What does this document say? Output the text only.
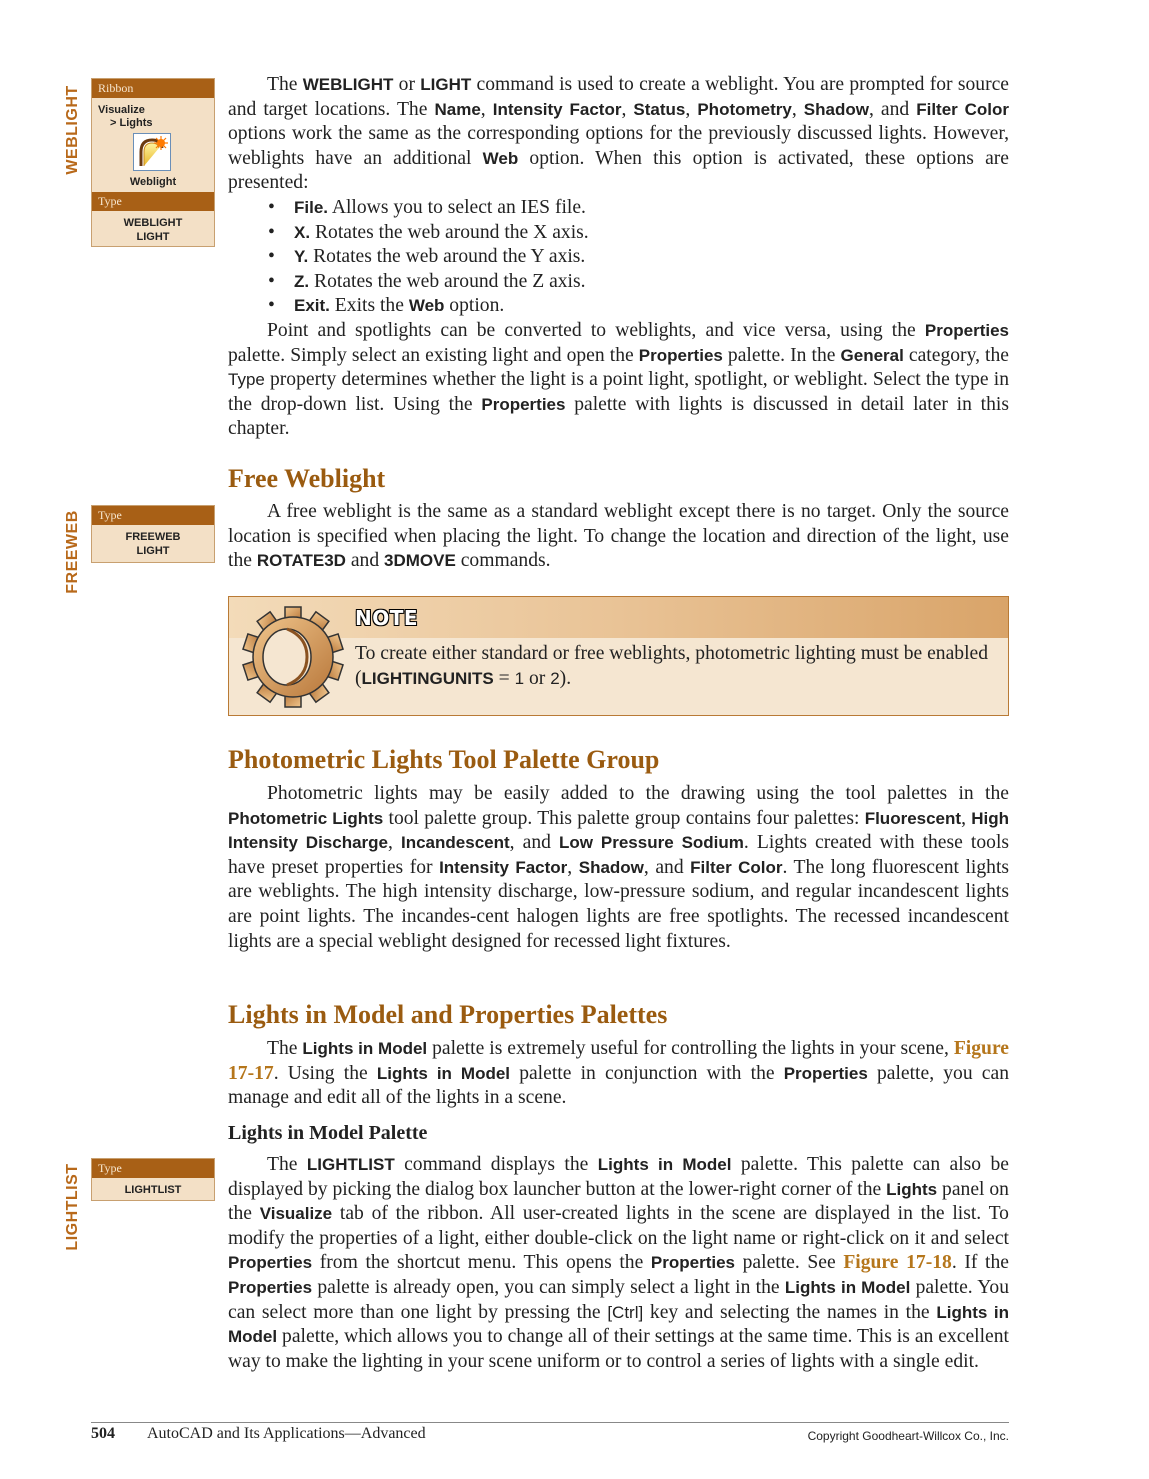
WEBLIGHT	Ribbon
Visualize
> Lights
Weblight
Type
WEBLIGHT
LIGHT
FREEWEB	Type
FREEWEB
LIGHT
LIGHTLIST	Type
LIGHTLIST

The WEBLIGHT or LIGHT command is used to create a weblight. You are prompted for source and target locations. The Name, Intensity Factor, Status, Photometry, Shadow, and Filter Color options work the same as the corresponding options for the previously discussed lights. However, weblights have an additional Web option. When this option is activated, these options are presented:

• File. Allows you to select an IES file.
• X. Rotates the web around the X axis.
• Y. Rotates the web around the Y axis.
• Z. Rotates the web around the Z axis.
• Exit. Exits the Web option.

Point and spotlights can be converted to weblights, and vice versa, using the Properties palette. Simply select an existing light and open the Properties palette. In the General category, the Type property determines whether the light is a point light, spotlight, or weblight. Select the type in the drop-down list. Using the Properties palette with lights is discussed in detail later in this chapter.

Free Weblight

A free weblight is the same as a standard weblight except there is no target. Only the source location is specified when placing the light. To change the location and direction of the light, use the ROTATE3D and 3DMOVE commands.

NOTE
To create either standard or free weblights, photometric lighting must be enabled (LIGHTINGUNITS = 1 or 2).
Photometric Lights Tool Palette Group

Photometric lights may be easily added to the drawing using the tool palettes in the Photometric Lights tool palette group. This palette group contains four palettes: Fluorescent, High Intensity Discharge, Incandescent, and Low Pressure Sodium. Lights created with these tools have preset properties for Intensity Factor, Shadow, and Filter Color. The long fluorescent lights are weblights. The high intensity discharge, low-pressure sodium, and regular incandescent lights are point lights. The incandes-cent halogen lights are free spotlights. The recessed incandescent lights are a special weblight designed for recessed light fixtures.

Lights in Model and Properties Palettes

The Lights in Model palette is extremely useful for controlling the lights in your scene, Figure 17-17. Using the Lights in Model palette in conjunction with the Properties palette, you can manage and edit all of the lights in a scene.

Lights in Model Palette

The LIGHTLIST command displays the Lights in Model palette. This palette can also be displayed by picking the dialog box launcher button at the lower-right corner of the Lights panel on the Visualize tab of the ribbon. All user-created lights in the scene are displayed in the list. To modify the properties of a light, either double-click on the light name or right-click on it and select Properties from the shortcut menu. This opens the Properties palette. See Figure 17-18. If the Properties palette is already open, you can simply select a light in the Lights in Model palette. You can select more than one light by pressing the [Ctrl] key and selecting the names in the Lights in Model palette, which allows you to change all of their settings at the same time. This is an excellent way to make the lighting in your scene uniform or to control a series of lights with a single edit.

504 AutoCAD and Its Applications—Advanced	Copyright Goodheart-Willcox Co., Inc.
